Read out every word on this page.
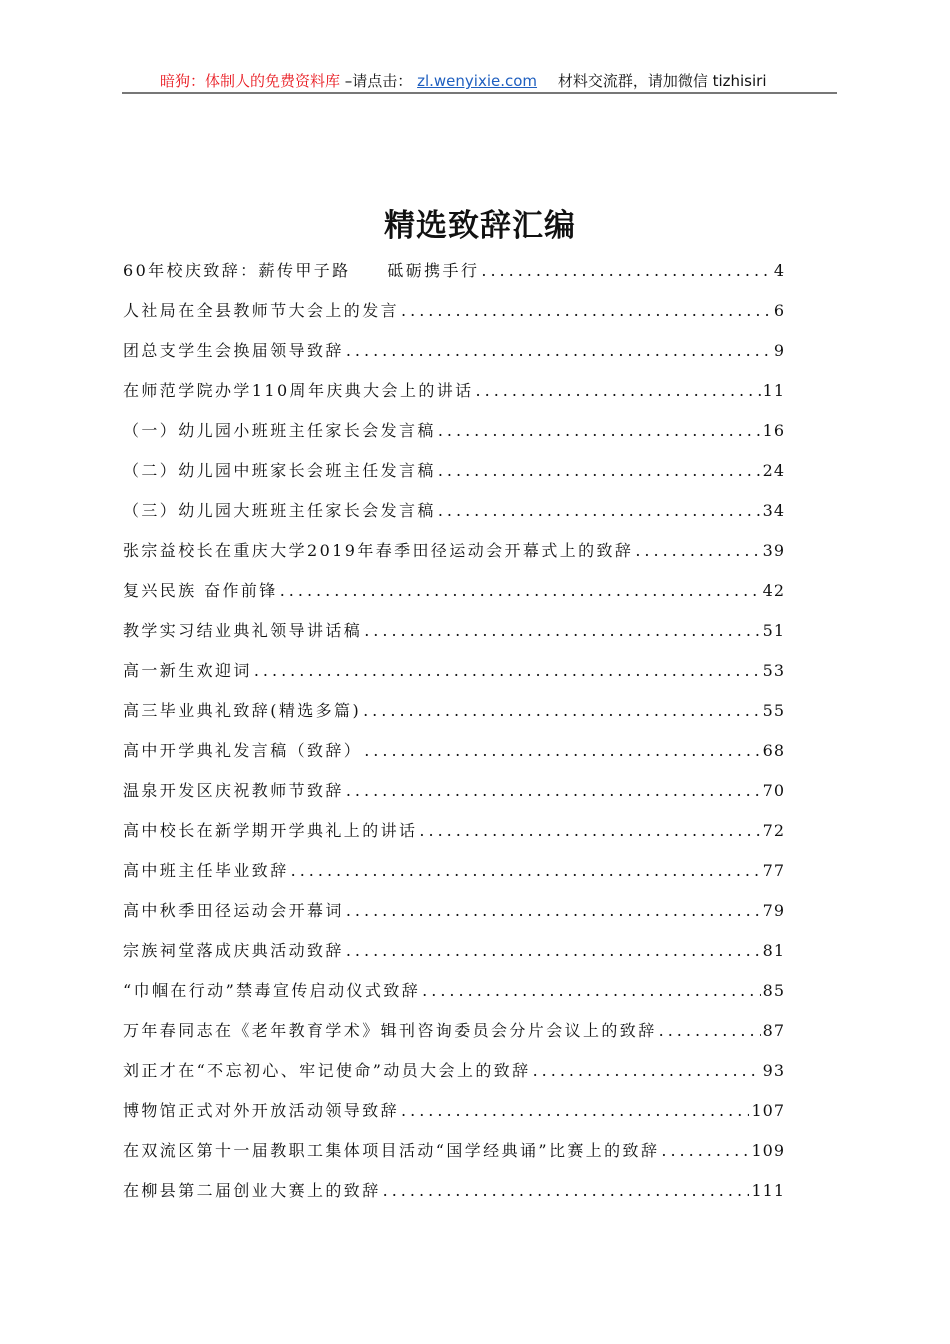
暗狗：体制人的免费资料库 –请点击： zl.wenyixie.com 材料交流群，请加微信 tizhisiri
精选致辞汇编
60年校庆致辞：薪传甲子路　　砥砺携手行 .....	4
人社局在全县教师节大会上的发言 .....	6
团总支学生会换届领导致辞 .....	9
在师范学院办学110周年庆典大会上的讲话 .....	11
（一）幼儿园小班班主任家长会发言稿 .....	16
（二）幼儿园中班家长会班主任发言稿 .....	24
（三）幼儿园大班班主任家长会发言稿 .....	34
张宗益校长在重庆大学2019年春季田径运动会开幕式上的致辞 .....	39
复兴民族 奋作前锋 .....	42
教学实习结业典礼领导讲话稿 .....	51
高一新生欢迎词 .....	53
高三毕业典礼致辞(精选多篇) .....	55
高中开学典礼发言稿（致辞） .....	68
温泉开发区庆祝教师节致辞 .....	70
高中校长在新学期开学典礼上的讲话 .....	72
高中班主任毕业致辞 .....	77
高中秋季田径运动会开幕词 .....	79
宗族祠堂落成庆典活动致辞 .....	81
“巾帼在行动”禁毒宣传启动仪式致辞 .....	85
万年春同志在《老年教育学术》辑刊咨询委员会分片会议上的致辞 .....	87
刘正才在“不忘初心、牢记使命”动员大会上的致辞 .....	93
博物馆正式对外开放活动领导致辞 .....	107
在双流区第十一届教职工集体项目活动“国学经典诵”比赛上的致辞 .....	109
在柳县第二届创业大赛上的致辞 .....	111
